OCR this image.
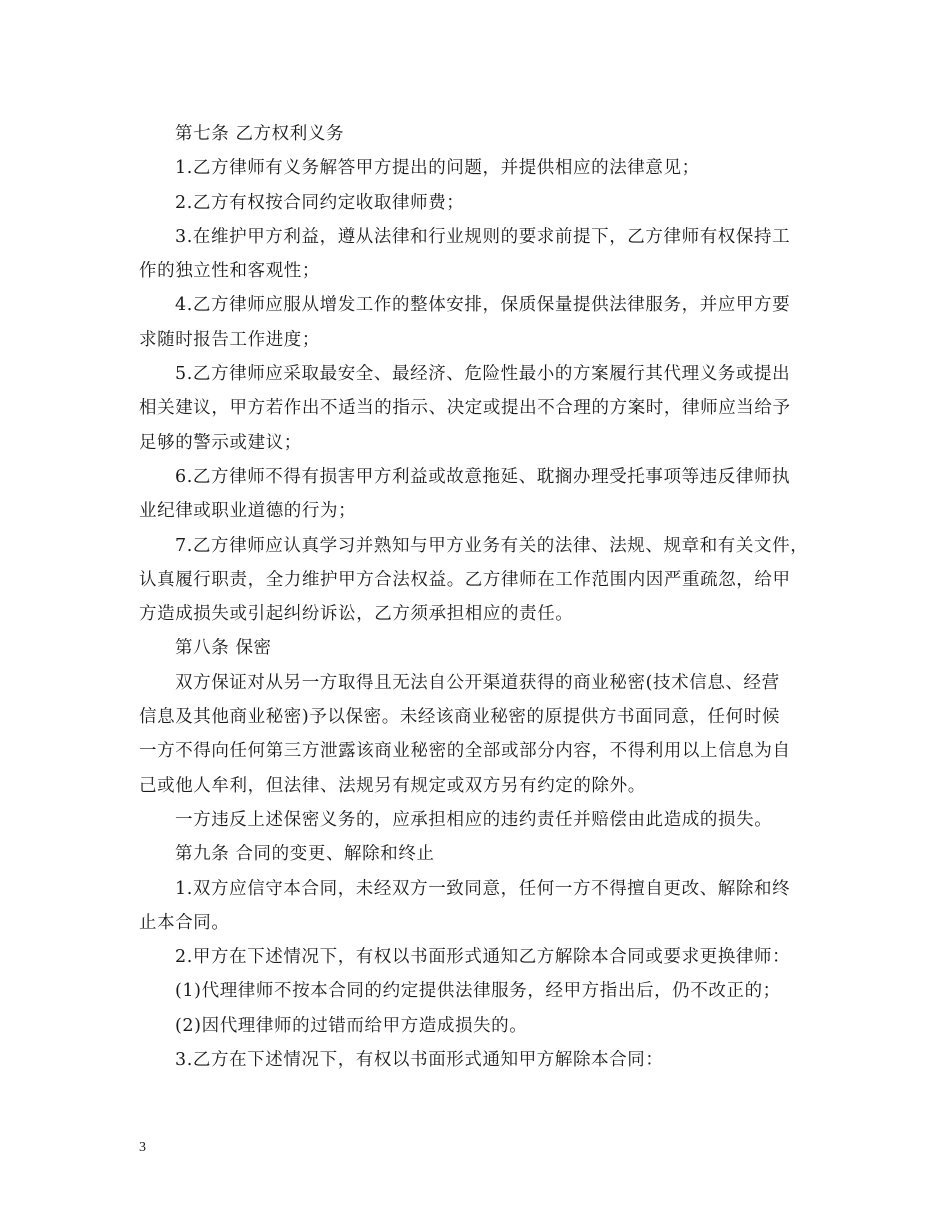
第七条 乙方权利义务
1.乙方律师有义务解答甲方提出的问题，并提供相应的法律意见；
2.乙方有权按合同约定收取律师费；
3.在维护甲方利益，遵从法律和行业规则的要求前提下，乙方律师有权保持工
作的独立性和客观性；
4.乙方律师应服从增发工作的整体安排，保质保量提供法律服务，并应甲方要
求随时报告工作进度；
5.乙方律师应采取最安全、最经济、危险性最小的方案履行其代理义务或提出
相关建议，甲方若作出不适当的指示、决定或提出不合理的方案时，律师应当给予
足够的警示或建议；
6.乙方律师不得有损害甲方利益或故意拖延、耽搁办理受托事项等违反律师执
业纪律或职业道德的行为；
7.乙方律师应认真学习并熟知与甲方业务有关的法律、法规、规章和有关文件，
认真履行职责，全力维护甲方合法权益。乙方律师在工作范围内因严重疏忽，给甲
方造成损失或引起纠纷诉讼，乙方须承担相应的责任。
第八条 保密
双方保证对从另一方取得且无法自公开渠道获得的商业秘密(技术信息、经营
信息及其他商业秘密)予以保密。未经该商业秘密的原提供方书面同意，任何时候
一方不得向任何第三方泄露该商业秘密的全部或部分内容，不得利用以上信息为自
己或他人牟利，但法律、法规另有规定或双方另有约定的除外。
一方违反上述保密义务的，应承担相应的违约责任并赔偿由此造成的损失。
第九条 合同的变更、解除和终止
1.双方应信守本合同，未经双方一致同意，任何一方不得擅自更改、解除和终
止本合同。
2.甲方在下述情况下，有权以书面形式通知乙方解除本合同或要求更换律师：
(1)代理律师不按本合同的约定提供法律服务，经甲方指出后，仍不改正的；
(2)因代理律师的过错而给甲方造成损失的。
3.乙方在下述情况下，有权以书面形式通知甲方解除本合同：
3
